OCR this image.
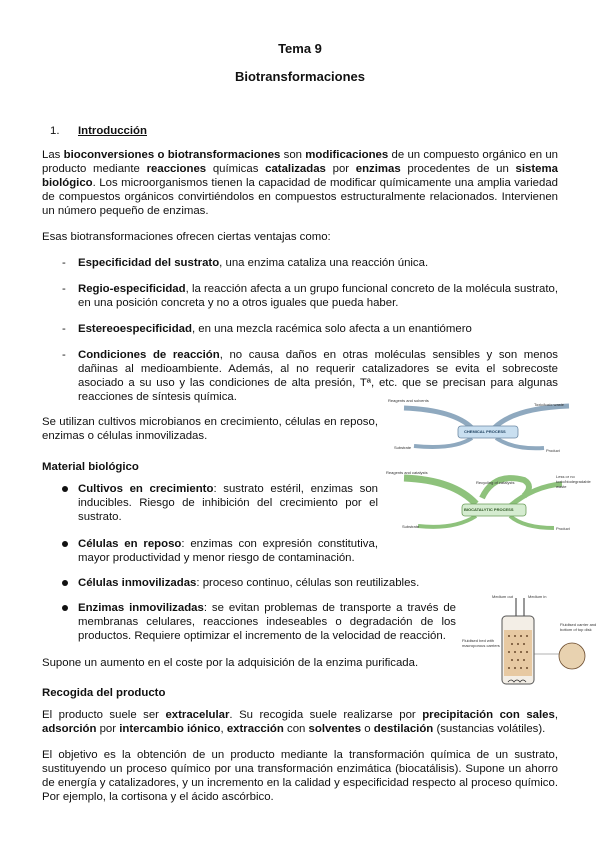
Tema 9
Biotransformaciones
1. Introducción

Las bioconversiones o biotransformaciones son modificaciones de un compuesto orgánico en un producto mediante reacciones químicas catalizadas por enzimas procedentes de un sistema biológico. Los microorganismos tienen la capacidad de modificar químicamente una amplia variedad de compuestos orgánicos convirtiéndolos en compuestos estructuralmente relacionados. Intervienen un número pequeño de enzimas.

Esas biotransformaciones ofrecen ciertas ventajas como:

-	Especificidad del sustrato, una enzima cataliza una reacción única.

-	Regio-especificidad, la reacción afecta a un grupo funcional concreto de la molécula sustrato, en una posición concreta y no a otros iguales que pueda haber.

-	Estereoespecificidad, en una mezcla racémica solo afecta a un enantiómero

-	Condiciones de reacción, no causa daños en otras moléculas sensibles y son menos dañinas al medioambiente. Además, al no requerir catalizadores se evita el sobrecoste asociado a su uso y las condiciones de alta presión, Tª, etc. que se precisan para algunas reacciones de síntesis química.

Se utilizan cultivos microbianos en crecimiento, células en reposo, enzimas o células inmovilizadas.

Material biológico

Cultivos en crecimiento: sustrato estéril, enzimas son inducibles. Riesgo de inhibición del crecimiento por el sustrato.

Células en reposo: enzimas con expresión constitutiva, mayor productividad y menor riesgo de contaminación.

Células inmovilizadas: proceso continuo, células son reutilizables.

Enzimas inmovilizadas: se evitan problemas de transporte a través de membranas celulares, reacciones indeseables o degradación de los productos. Requiere optimizar el incremento de la velocidad de reacción.

Supone un aumento en el coste por la adquisición de la enzima purificada.

Recogida del producto

El producto suele ser extracelular. Su recogida suele realizarse por precipitación con sales, adsorción por intercambio iónico, extracción con solventes o destilación (sustancias volátiles).

El objetivo es la obtención de un producto mediante la transformación química de un sustrato, sustituyendo un proceso químico por una transformación enzimática (biocatálisis). Supone un ahorro de energía y catalizadores, y un incremento en la calidad y especificidad respecto al proceso químico. Por ejemplo, la cortisona y el ácido ascórbico.

Reagents and solvents
Toxic/toxic waste
CHEMICAL PROCESS
Substrate
Product
Reagents and catalysts
Recycling of catalysts
Less or no toxic/biodegradable waste
BIOCATALYTIC PROCESS
Substrate	Product
Medium out	Medium in
Fluidised bed with macroporous carriers
Fluidised carrier and bottom of top disk
